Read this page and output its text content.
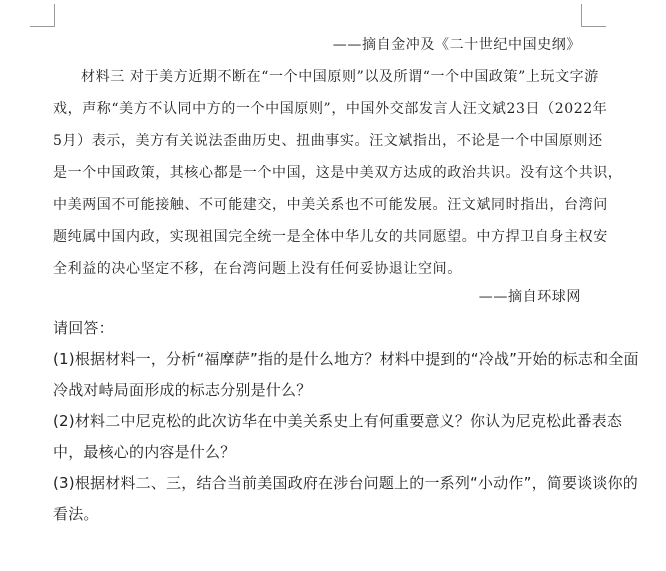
——摘自金冲及《二十世纪中国史纲》
材料三 对于美方近期不断在“一个中国原则”以及所谓“一个中国政策”上玩文字游
戏，声称“美方不认同中方的一个中国原则”，中国外交部发言人汪文斌23日（2022年
5月）表示，美方有关说法歪曲历史、扭曲事实。汪文斌指出，不论是一个中国原则还
是一个中国政策，其核心都是一个中国，这是中美双方达成的政治共识。没有这个共识，
中美两国不可能接触、不可能建交，中美关系也不可能发展。汪文斌同时指出，台湾问
题纯属中国内政，实现祖国完全统一是全体中华儿女的共同愿望。中方捍卫自身主权安
全利益的决心坚定不移，在台湾问题上没有任何妥协退让空间。
——摘自环球网
请回答：
(1)根据材料一，分析“福摩萨”指的是什么地方？材料中提到的“冷战”开始的标志和全面
冷战对峙局面形成的标志分别是什么？
(2)材料二中尼克松的此次访华在中美关系史上有何重要意义？你认为尼克松此番表态
中，最核心的内容是什么？
(3)根据材料二、三，结合当前美国政府在涉台问题上的一系列“小动作”，简要谈谈你的
看法。
